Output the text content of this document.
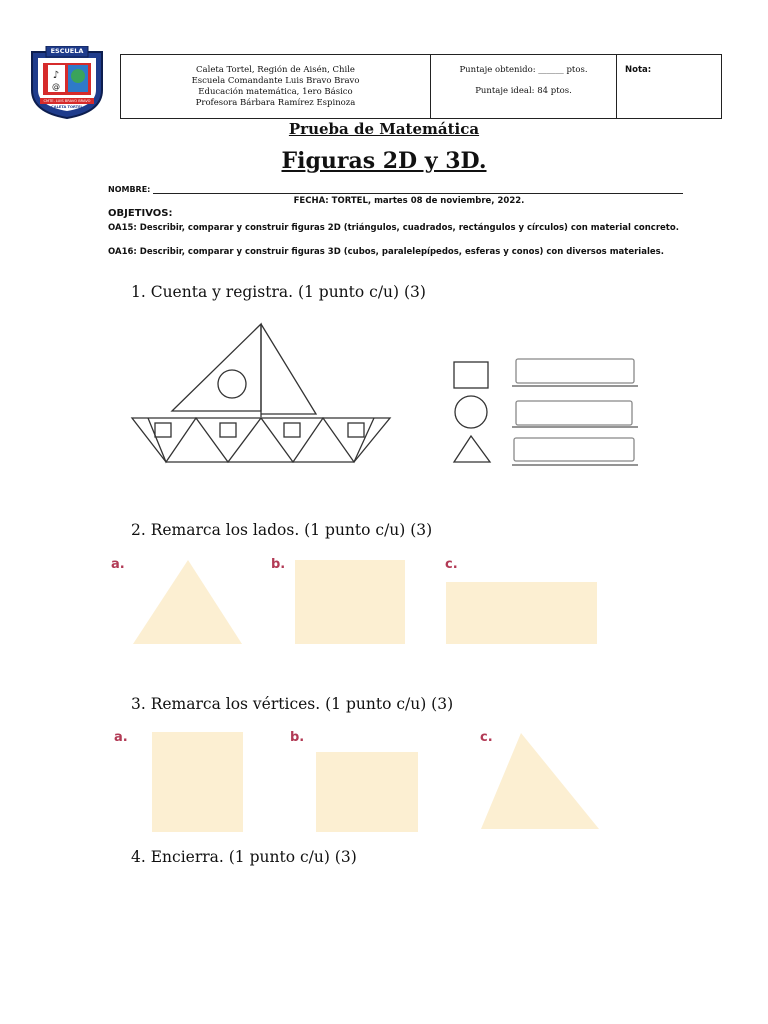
♪
@
ESCUELA
CMTE. LUIS BRAVO BRAVO
CALETA TORTEL
Caleta Tortel, Región de Aisén, Chile
Escuela Comandante Luis Bravo Bravo
Educación matemática, 1ero Básico
Profesora Bárbara Ramírez Espinoza
Puntaje obtenido: ______ ptos.
Puntaje ideal: 84 ptos.
Nota:
Prueba de Matemática
Figuras 2D y 3D.
NOMBRE:
FECHA: TORTEL, martes 08 de noviembre, 2022.
OBJETIVOS:
OA15: Describir, comparar y construir figuras 2D (triángulos, cuadrados, rectángulos y círculos) con material concreto.
OA16: Describir, comparar y construir figuras 3D (cubos, paralelepípedos, esferas y conos) con diversos materiales.
1. Cuenta y registra. (1 punto c/u) (3)
2. Remarca los lados. (1 punto c/u) (3)
a.	b.	c.
3. Remarca los vértices. (1 punto c/u) (3)
a.	b.	c.
4. Encierra. (1 punto c/u) (3)
